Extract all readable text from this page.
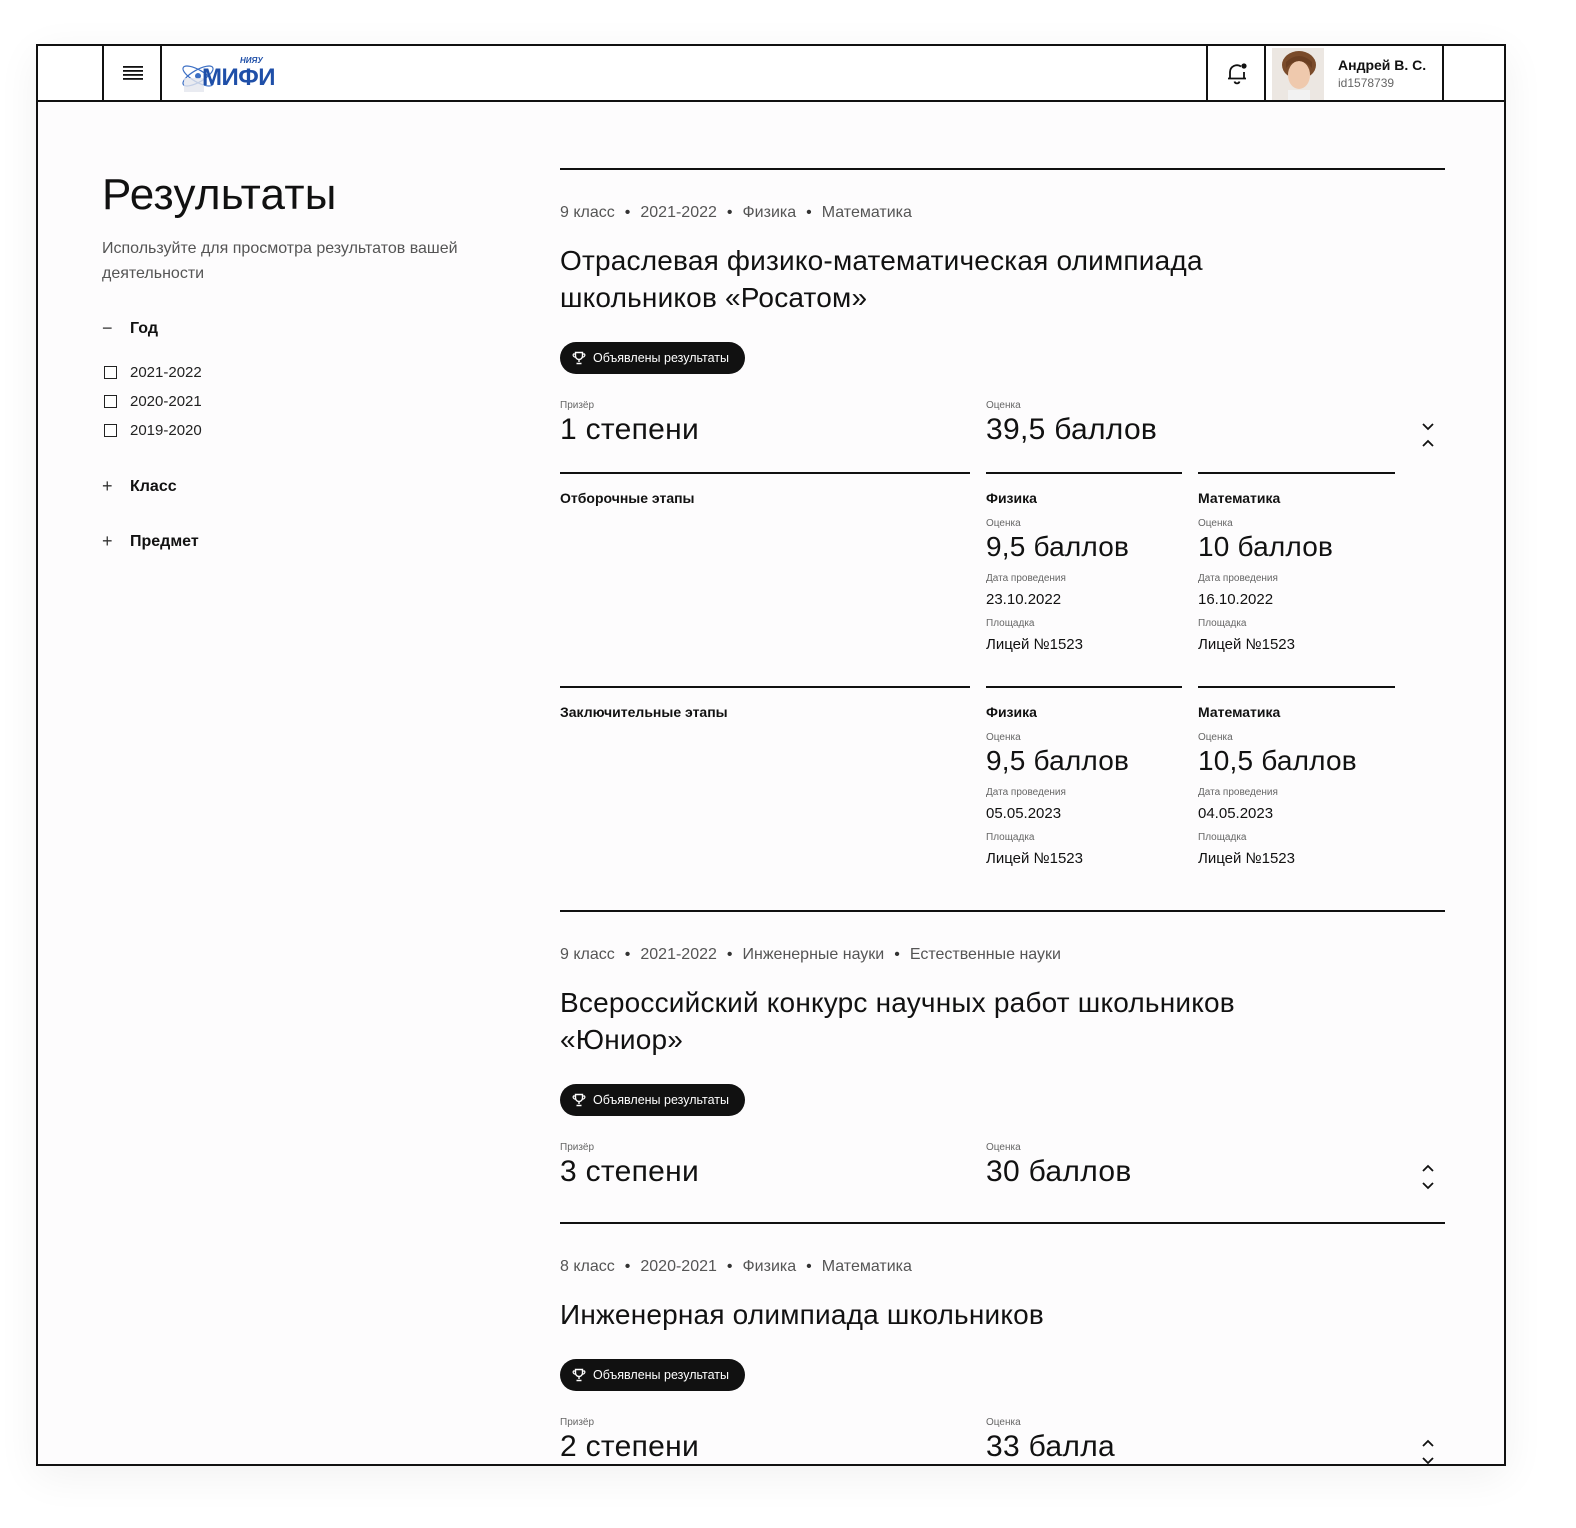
НИЯУ
МИФИ	Андрей В. С.
id1578739
Результаты
Используйте для просмотра результатов вашей деятельности
−	Год
2021-2022
2020-2021
2019-2020
+	Класс
+	Предмет
9 класс • 2021-2022 • Физика • Математика
Отраслевая физико-математическая олимпиада школьников «Росатом»
Объявлены результаты
Призёр
1 степени
Оценка
39,5 баллов
Отборочные этапы	Физика
Оценка
9,5 баллов
Дата проведения
23.10.2022
Площадка
Лицей №1523
Математика
Оценка
10 баллов
Дата проведения
16.10.2022
Площадка
Лицей №1523
Заключительные этапы	Физика
Оценка
9,5 баллов
Дата проведения
05.05.2023
Площадка
Лицей №1523
Математика
Оценка
10,5 баллов
Дата проведения
04.05.2023
Площадка
Лицей №1523
9 класс • 2021-2022 • Инженерные науки • Естественные науки
Всероссийский конкурс научных работ школьников «Юниор»
Объявлены результаты
Призёр
3 степени
Оценка
30 баллов
8 класс • 2020-2021 • Физика • Математика
Инженерная олимпиада школьников
Объявлены результаты
Призёр
2 степени
Оценка
33 балла
